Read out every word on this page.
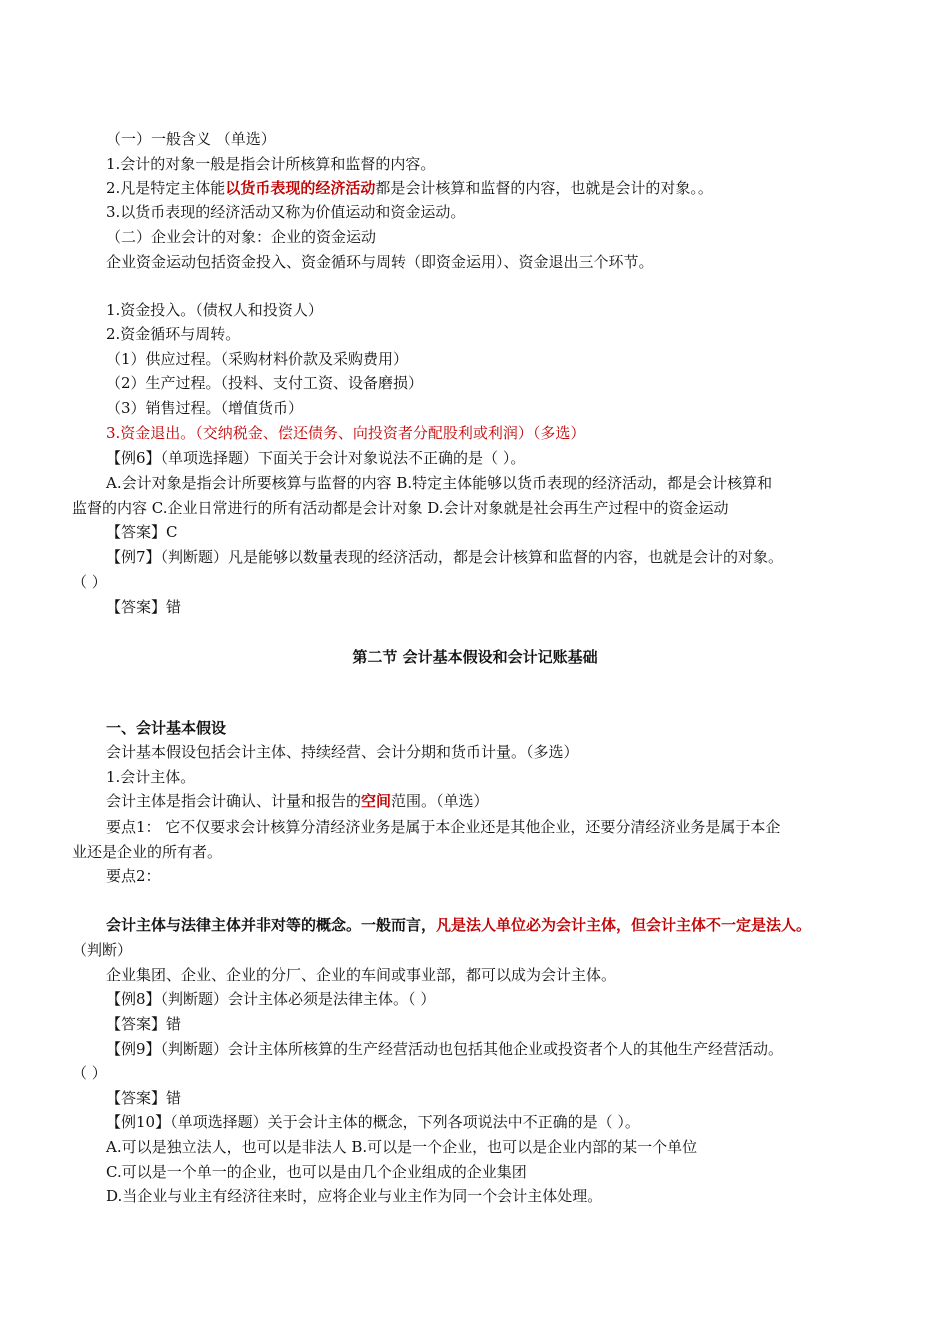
（一）一般含义 （单选）
1.会计的对象一般是指会计所核算和监督的内容。
2.凡是特定主体能以货币表现的经济活动都是会计核算和监督的内容，也就是会计的对象。。
3.以货币表现的经济活动又称为价值运动和资金运动。
（二）企业会计的对象：企业的资金运动
企业资金运动包括资金投入、资金循环与周转（即资金运用）、资金退出三个环节。
1.资金投入。（债权人和投资人）
2.资金循环与周转。
（1）供应过程。（采购材料价款及采购费用）
（2）生产过程。（投料、支付工资、设备磨损）
（3）销售过程。（增值货币）
3.资金退出。（交纳税金、偿还债务、向投资者分配股利或利润）（多选）
【例6】（单项选择题）下面关于会计对象说法不正确的是（ ）。
A.会计对象是指会计所要核算与监督的内容 B.特定主体能够以货币表现的经济活动，都是会计核算和
监督的内容 C.企业日常进行的所有活动都是会计对象 D.会计对象就是社会再生产过程中的资金运动
【答案】C
【例7】（判断题）凡是能够以数量表现的经济活动，都是会计核算和监督的内容，也就是会计的对象。
（ ）
【答案】错
第二节 会计基本假设和会计记账基础
一、会计基本假设
会计基本假设包括会计主体、持续经营、会计分期和货币计量。（多选）
1.会计主体。
会计主体是指会计确认、计量和报告的空间范围。（单选）
要点1： 它不仅要求会计核算分清经济业务是属于本企业还是其他企业，还要分清经济业务是属于本企
业还是企业的所有者。
要点2：
会计主体与法律主体并非对等的概念。一般而言，凡是法人单位必为会计主体，但会计主体不一定是法人。
（判断）
企业集团、企业、企业的分厂、企业的车间或事业部，都可以成为会计主体。
【例8】（判断题）会计主体必须是法律主体。（ ）
【答案】错
【例9】（判断题）会计主体所核算的生产经营活动也包括其他企业或投资者个人的其他生产经营活动。
（ ）
【答案】错
【例10】（单项选择题）关于会计主体的概念，下列各项说法中不正确的是（ ）。
A.可以是独立法人，也可以是非法人 B.可以是一个企业，也可以是企业内部的某一个单位
C.可以是一个单一的企业，也可以是由几个企业组成的企业集团
D.当企业与业主有经济往来时，应将企业与业主作为同一个会计主体处理。
